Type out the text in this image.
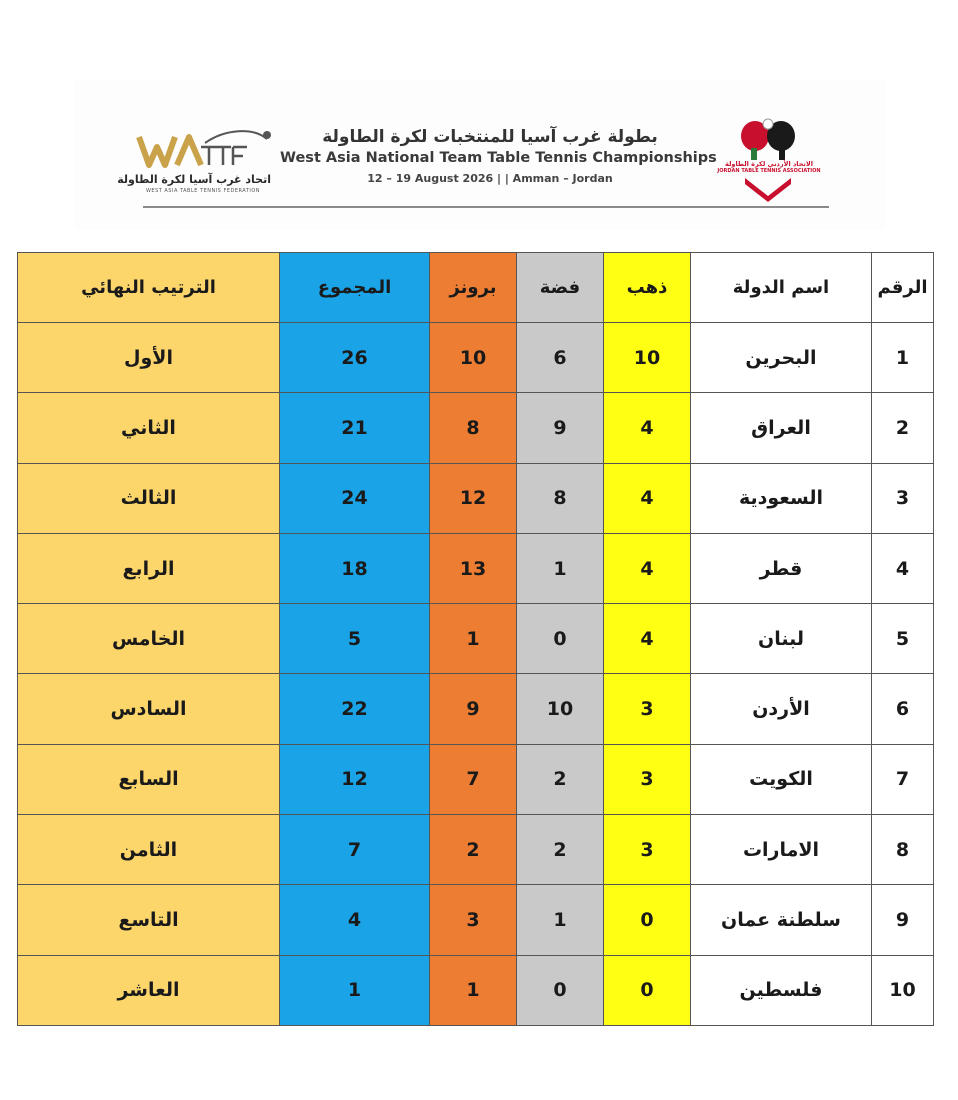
اتحاد غرب آسيا لكرة الطاولة
WEST ASIA TABLE TENNIS FEDERATION
بطولة غرب آسيا للمنتخبات لكرة الطاولة
West Asia National Team Table Tennis Championships
12 – 19 August 2026 | | Amman – Jordan
الاتحاد الأردني لكرة الطاولة
JORDAN TABLE TENNIS ASSOCIATION
الترتيب النهائي	المجموع	برونز	فضة	ذهب	اسم الدولة	الرقم
الأول	26	10	6	10	البحرين	1
الثاني	21	8	9	4	العراق	2
الثالث	24	12	8	4	السعودية	3
الرابع	18	13	1	4	قطر	4
الخامس	5	1	0	4	لبنان	5
السادس	22	9	10	3	الأردن	6
السابع	12	7	2	3	الكويت	7
الثامن	7	2	2	3	الامارات	8
التاسع	4	3	1	0	سلطنة عمان	9
العاشر	1	1	0	0	فلسطين	10
